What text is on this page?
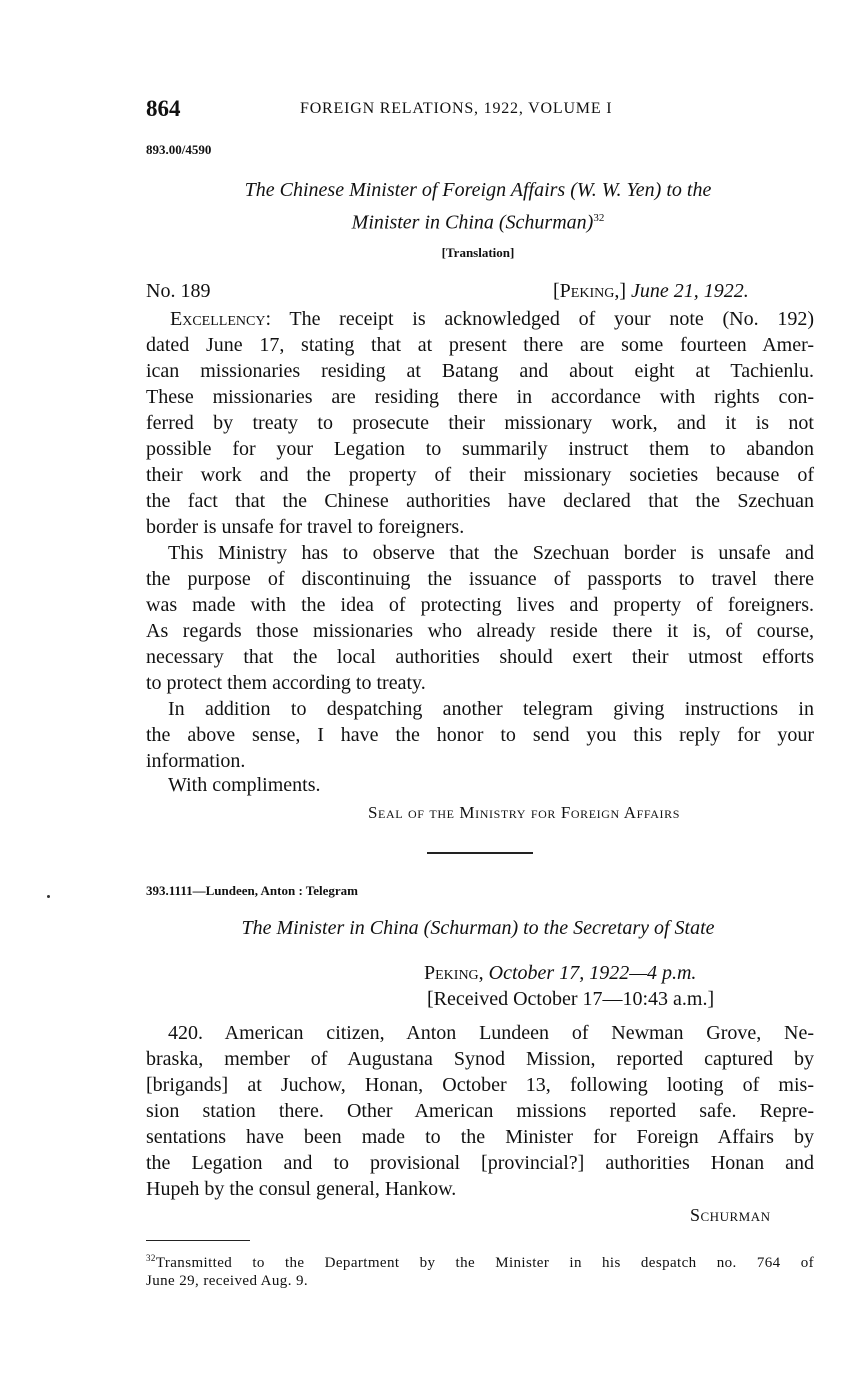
864	FOREIGN RELATIONS, 1922, VOLUME I
893.00/4590
The Chinese Minister of Foreign Affairs (W. W. Yen) to the
Minister in China (Schurman)$^{32}$
[Translation]
No. 189	[Peking,] June 21, 1922.
Excellency: The receipt is acknowledged of your note (No. 192)
dated June 17, stating that at present there are some fourteen Amer-
ican missionaries residing at Batang and about eight at Tachienlu.
These missionaries are residing there in accordance with rights con-
ferred by treaty to prosecute their missionary work, and it is not
possible for your Legation to summarily instruct them to abandon
their work and the property of their missionary societies because of
the fact that the Chinese authorities have declared that the Szechuan
border is unsafe for travel to foreigners.
This Ministry has to observe that the Szechuan border is unsafe and
the purpose of discontinuing the issuance of passports to travel there
was made with the idea of protecting lives and property of foreigners.
As regards those missionaries who already reside there it is, of course,
necessary that the local authorities should exert their utmost efforts
to protect them according to treaty.
In addition to despatching another telegram giving instructions in
the above sense, I have the honor to send you this reply for your
information.
With compliments.
Seal of the Ministry for Foreign Affairs
393.1111—Lundeen, Anton : Telegram
The Minister in China (Schurman) to the Secretary of State
Peking, October 17, 1922—4 p.m.
[Received October 17—10:43 a.m.]
420. American citizen, Anton Lundeen of Newman Grove, Ne-
braska, member of Augustana Synod Mission, reported captured by
[brigands] at Juchow, Honan, October 13, following looting of mis-
sion station there. Other American missions reported safe. Repre-
sentations have been made to the Minister for Foreign Affairs by
the Legation and to provisional [provincial?] authorities Honan and
Hupeh by the consul general, Hankow.
Schurman
$^{32}$Transmitted to the Department by the Minister in his despatch no. 764 of
June 29, received Aug. 9.
